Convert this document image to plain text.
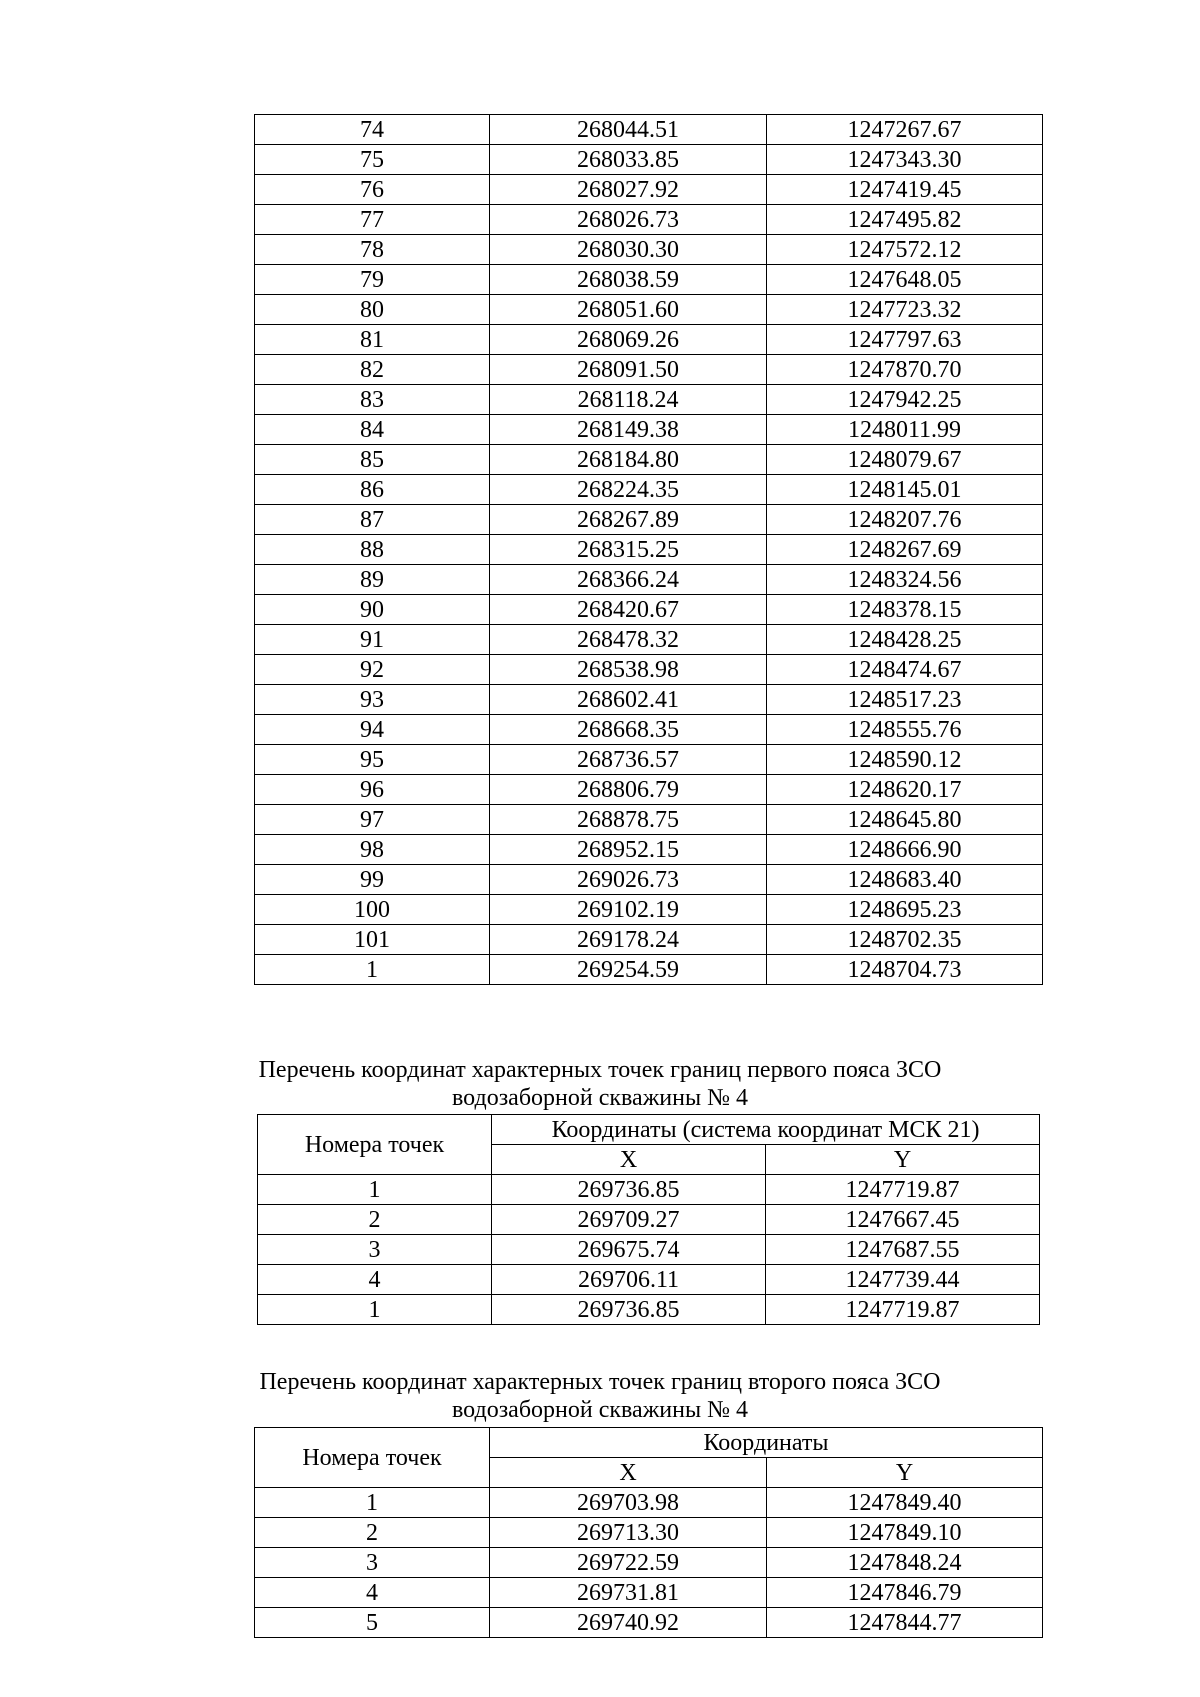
74	268044.51	1247267.67
75	268033.85	1247343.30
76	268027.92	1247419.45
77	268026.73	1247495.82
78	268030.30	1247572.12
79	268038.59	1247648.05
80	268051.60	1247723.32
81	268069.26	1247797.63
82	268091.50	1247870.70
83	268118.24	1247942.25
84	268149.38	1248011.99
85	268184.80	1248079.67
86	268224.35	1248145.01
87	268267.89	1248207.76
88	268315.25	1248267.69
89	268366.24	1248324.56
90	268420.67	1248378.15
91	268478.32	1248428.25
92	268538.98	1248474.67
93	268602.41	1248517.23
94	268668.35	1248555.76
95	268736.57	1248590.12
96	268806.79	1248620.17
97	268878.75	1248645.80
98	268952.15	1248666.90
99	269026.73	1248683.40
100	269102.19	1248695.23
101	269178.24	1248702.35
1	269254.59	1248704.73
Перечень координат характерных точек границ первого пояса ЗСО
водозаборной скважины № 4
Номера точек	Координаты (система координат МСК 21)	
	X	Y
1	269736.85	1247719.87
2	269709.27	1247667.45
3	269675.74	1247687.55
4	269706.11	1247739.44
1	269736.85	1247719.87
Перечень координат характерных точек границ второго пояса ЗСО
водозаборной скважины № 4
Номера точек	Координаты	
	X	Y
1	269703.98	1247849.40
2	269713.30	1247849.10
3	269722.59	1247848.24
4	269731.81	1247846.79
5	269740.92	1247844.77
